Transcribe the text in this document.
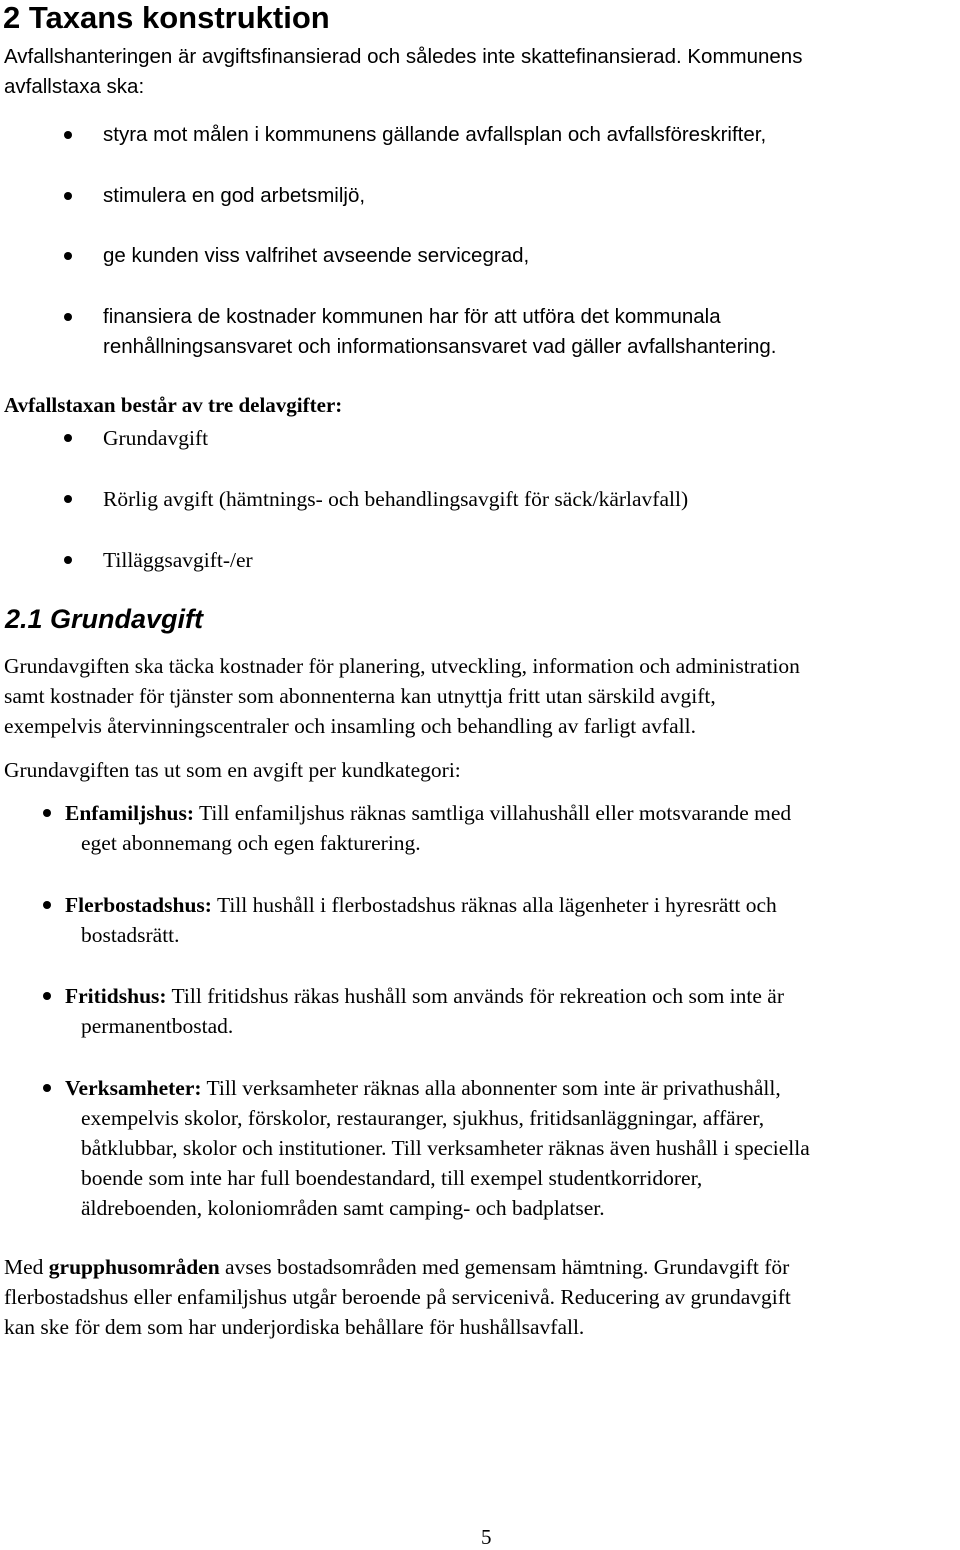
2 Taxans konstruktion
Avfallshanteringen är avgiftsfinansierad och således inte skattefinansierad. Kommunens
avfallstaxa ska:
styra mot målen i kommunens gällande avfallsplan och avfallsföreskrifter,
stimulera en god arbetsmiljö,
ge kunden viss valfrihet avseende servicegrad,
finansiera de kostnader kommunen har för att utföra det kommunala
renhållningsansvaret och informationsansvaret vad gäller avfallshantering.
Avfallstaxan består av tre delavgifter:
Grundavgift
Rörlig avgift (hämtnings- och behandlingsavgift för säck/kärlavfall)
Tilläggsavgift-/er
2.1 Grundavgift
Grundavgiften ska täcka kostnader för planering, utveckling, information och administration
samt kostnader för tjänster som abonnenterna kan utnyttja fritt utan särskild avgift,
exempelvis återvinningscentraler och insamling och behandling av farligt avfall.
Grundavgiften tas ut som en avgift per kundkategori:
Enfamiljshus: Till enfamiljshus räknas samtliga villahushåll eller motsvarande med
eget abonnemang och egen fakturering.
Flerbostadshus: Till hushåll i flerbostadshus räknas alla lägenheter i hyresrätt och
bostadsrätt.
Fritidshus: Till fritidshus räkas hushåll som används för rekreation och som inte är
permanentbostad.
Verksamheter: Till verksamheter räknas alla abonnenter som inte är privathushåll,
exempelvis skolor, förskolor, restauranger, sjukhus, fritidsanläggningar, affärer,
båtklubbar, skolor och institutioner. Till verksamheter räknas även hushåll i speciella
boende som inte har full boendestandard, till exempel studentkorridorer,
äldreboenden, koloniområden samt camping- och badplatser.
Med grupphusområden avses bostadsområden med gemensam hämtning. Grundavgift för
flerbostadshus eller enfamiljshus utgår beroende på servicenivå. Reducering av grundavgift
kan ske för dem som har underjordiska behållare för hushållsavfall.
5
